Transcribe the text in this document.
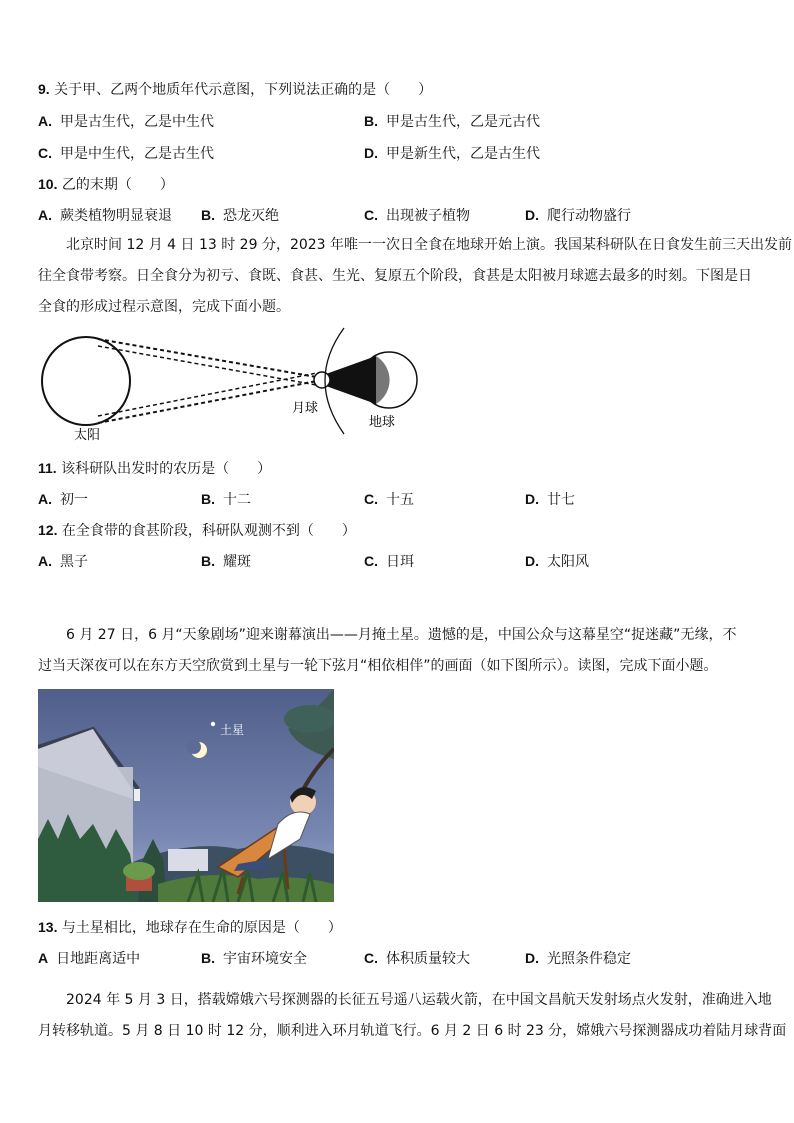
9. 关于甲、乙两个地质年代示意图，下列说法正确的是（　　）
A. 甲是古生代，乙是中生代	B. 甲是古生代，乙是元古代
C. 甲是中生代，乙是古生代	D. 甲是新生代，乙是古生代
10. 乙的末期（　　）
A. 蕨类植物明显衰退 B. 恐龙灭绝	C. 出现被子植物	D. 爬行动物盛行
北京时间 12 月 4 日 13 时 29 分，2023 年唯一一次日全食在地球开始上演。我国某科研队在日食发生前三天出发前
往全食带考察。日全食分为初亏、食既、食甚、生光、复原五个阶段，食甚是太阳被月球遮去最多的时刻。下图是日
全食的形成过程示意图，完成下面小题。
太阳
月球
地球
11. 该科研队出发时的农历是（　　）
A. 初一	B. 十二	C. 十五	D. 廿七
12. 在全食带的食甚阶段，科研队观测不到（　　）
A. 黑子	B. 耀斑	C. 日珥	D. 太阳风
6 月 27 日，6 月“天象剧场”迎来谢幕演出——月掩土星。遗憾的是，中国公众与这幕星空“捉迷藏”无缘，不
过当天深夜可以在东方天空欣赏到土星与一轮下弦月“相依相伴”的画面（如下图所示）。读图，完成下面小题。
土星
13. 与土星相比，地球存在生命的原因是（　　）
A 日地距离适中	B. 宇宙环境安全	C. 体积质量较大	D. 光照条件稳定
2024 年 5 月 3 日，搭载嫦娥六号探测器的长征五号遥八运载火箭，在中国文昌航天发射场点火发射，准确进入地
月转移轨道。5 月 8 日 10 时 12 分，顺利进入环月轨道飞行。6 月 2 日 6 时 23 分，嫦娥六号探测器成功着陆月球背面
